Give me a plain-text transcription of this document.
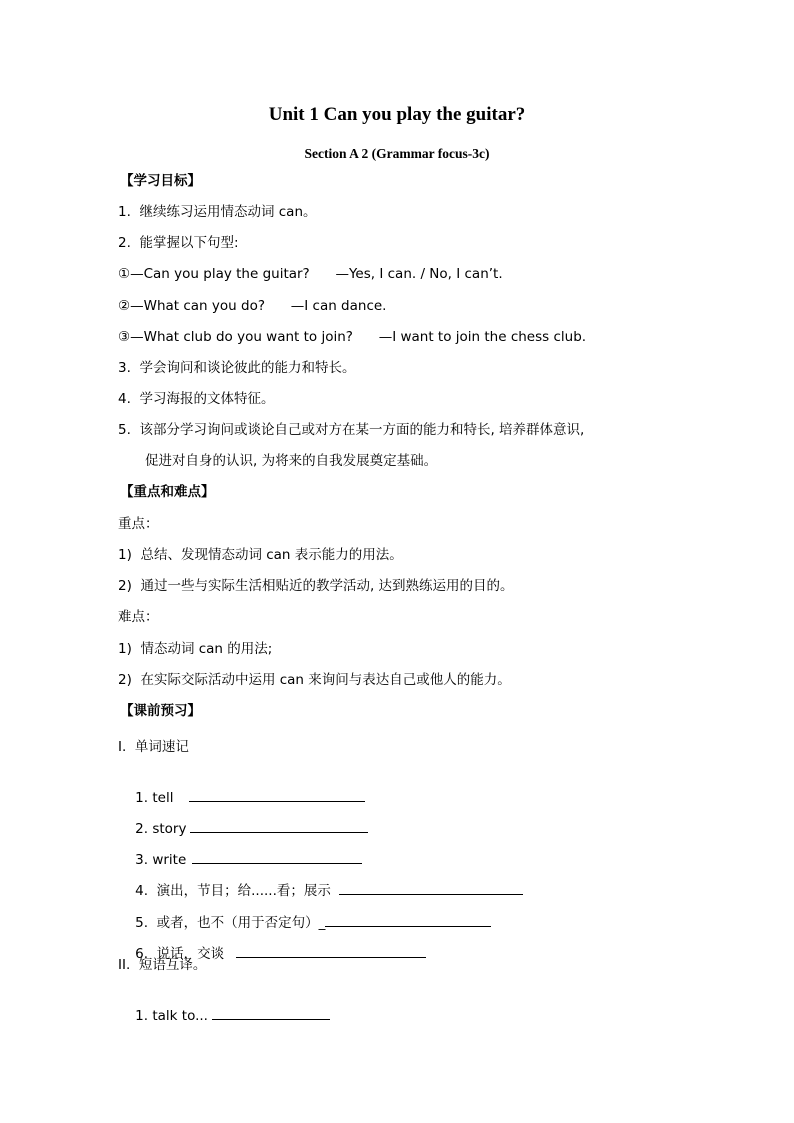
Unit 1 Can you play the guitar?
Section A 2 (Grammar focus-3c)
【学习目标】
1.  继续练习运用情态动词 can。
2.  能掌握以下句型:
①—Can you play the guitar?      —Yes, I can. / No, I can’t.
②—What can you do?      —I can dance.
③—What club do you want to join?      —I want to join the chess club.
3.  学会询问和谈论彼此的能力和特长。
4.  学习海报的文体特征。
5.  该部分学习询问或谈论自己或对方在某一方面的能力和特长, 培养群体意识,
促进对自身的认识, 为将来的自我发展奠定基础。
【重点和难点】
重点：
1)  总结、发现情态动词 can 表示能力的用法。
2)  通过一些与实际生活相贴近的教学活动, 达到熟练运用的目的。
难点：
1)  情态动词 can 的用法;
2)  在实际交际活动中运用 can 来询问与表达自己或他人的能力。
【课前预习】
I.  单词速记

1. tell

2. story

3. write

4.  演出，节目；给......看；展示

5.  或者，也不（用于否定句）_

6.  说话，交谈

II.  短语互译。

1. talk to...
